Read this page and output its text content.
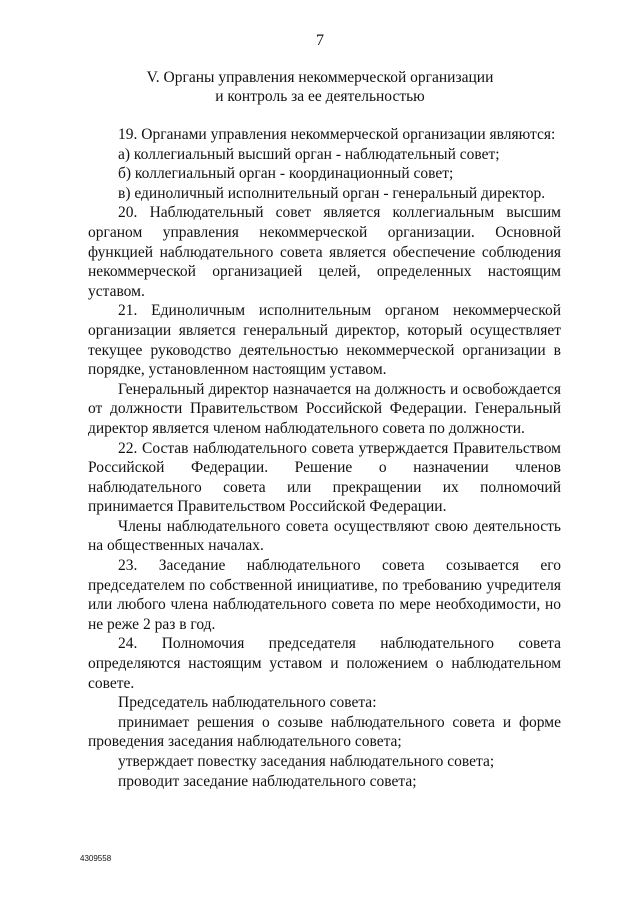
7
V. Органы управления некоммерческой организации
и контроль за ее деятельностью

19. Органами управления некоммерческой организации являются:

а) коллегиальный высший орган - наблюдательный совет;

б) коллегиальный орган - координационный совет;

в) единоличный исполнительный орган - генеральный директор.

20. Наблюдательный совет является коллегиальным высшим органом управления некоммерческой организации. Основной функцией наблюдательного совета является обеспечение соблюдения некоммерческой организацией целей, определенных настоящим уставом.

21. Единоличным исполнительным органом некоммерческой организации является генеральный директор, который осуществляет текущее руководство деятельностью некоммерческой организации в порядке, установленном настоящим уставом.

Генеральный директор назначается на должность и освобождается от должности Правительством Российской Федерации. Генеральный директор является членом наблюдательного совета по должности.

22. Состав наблюдательного совета утверждается Правительством Российской Федерации. Решение о назначении членов наблюдательного совета или прекращении их полномочий принимается Правительством Российской Федерации.

Члены наблюдательного совета осуществляют свою деятельность на общественных началах.

23. Заседание наблюдательного совета созывается его председателем по собственной инициативе, по требованию учредителя или любого члена наблюдательного совета по мере необходимости, но не реже 2 раз в год.

24. Полномочия председателя наблюдательного совета определяются настоящим уставом и положением о наблюдательном совете.

Председатель наблюдательного совета:

принимает решения о созыве наблюдательного совета и форме проведения заседания наблюдательного совета;

утверждает повестку заседания наблюдательного совета;

проводит заседание наблюдательного совета;

4309558
